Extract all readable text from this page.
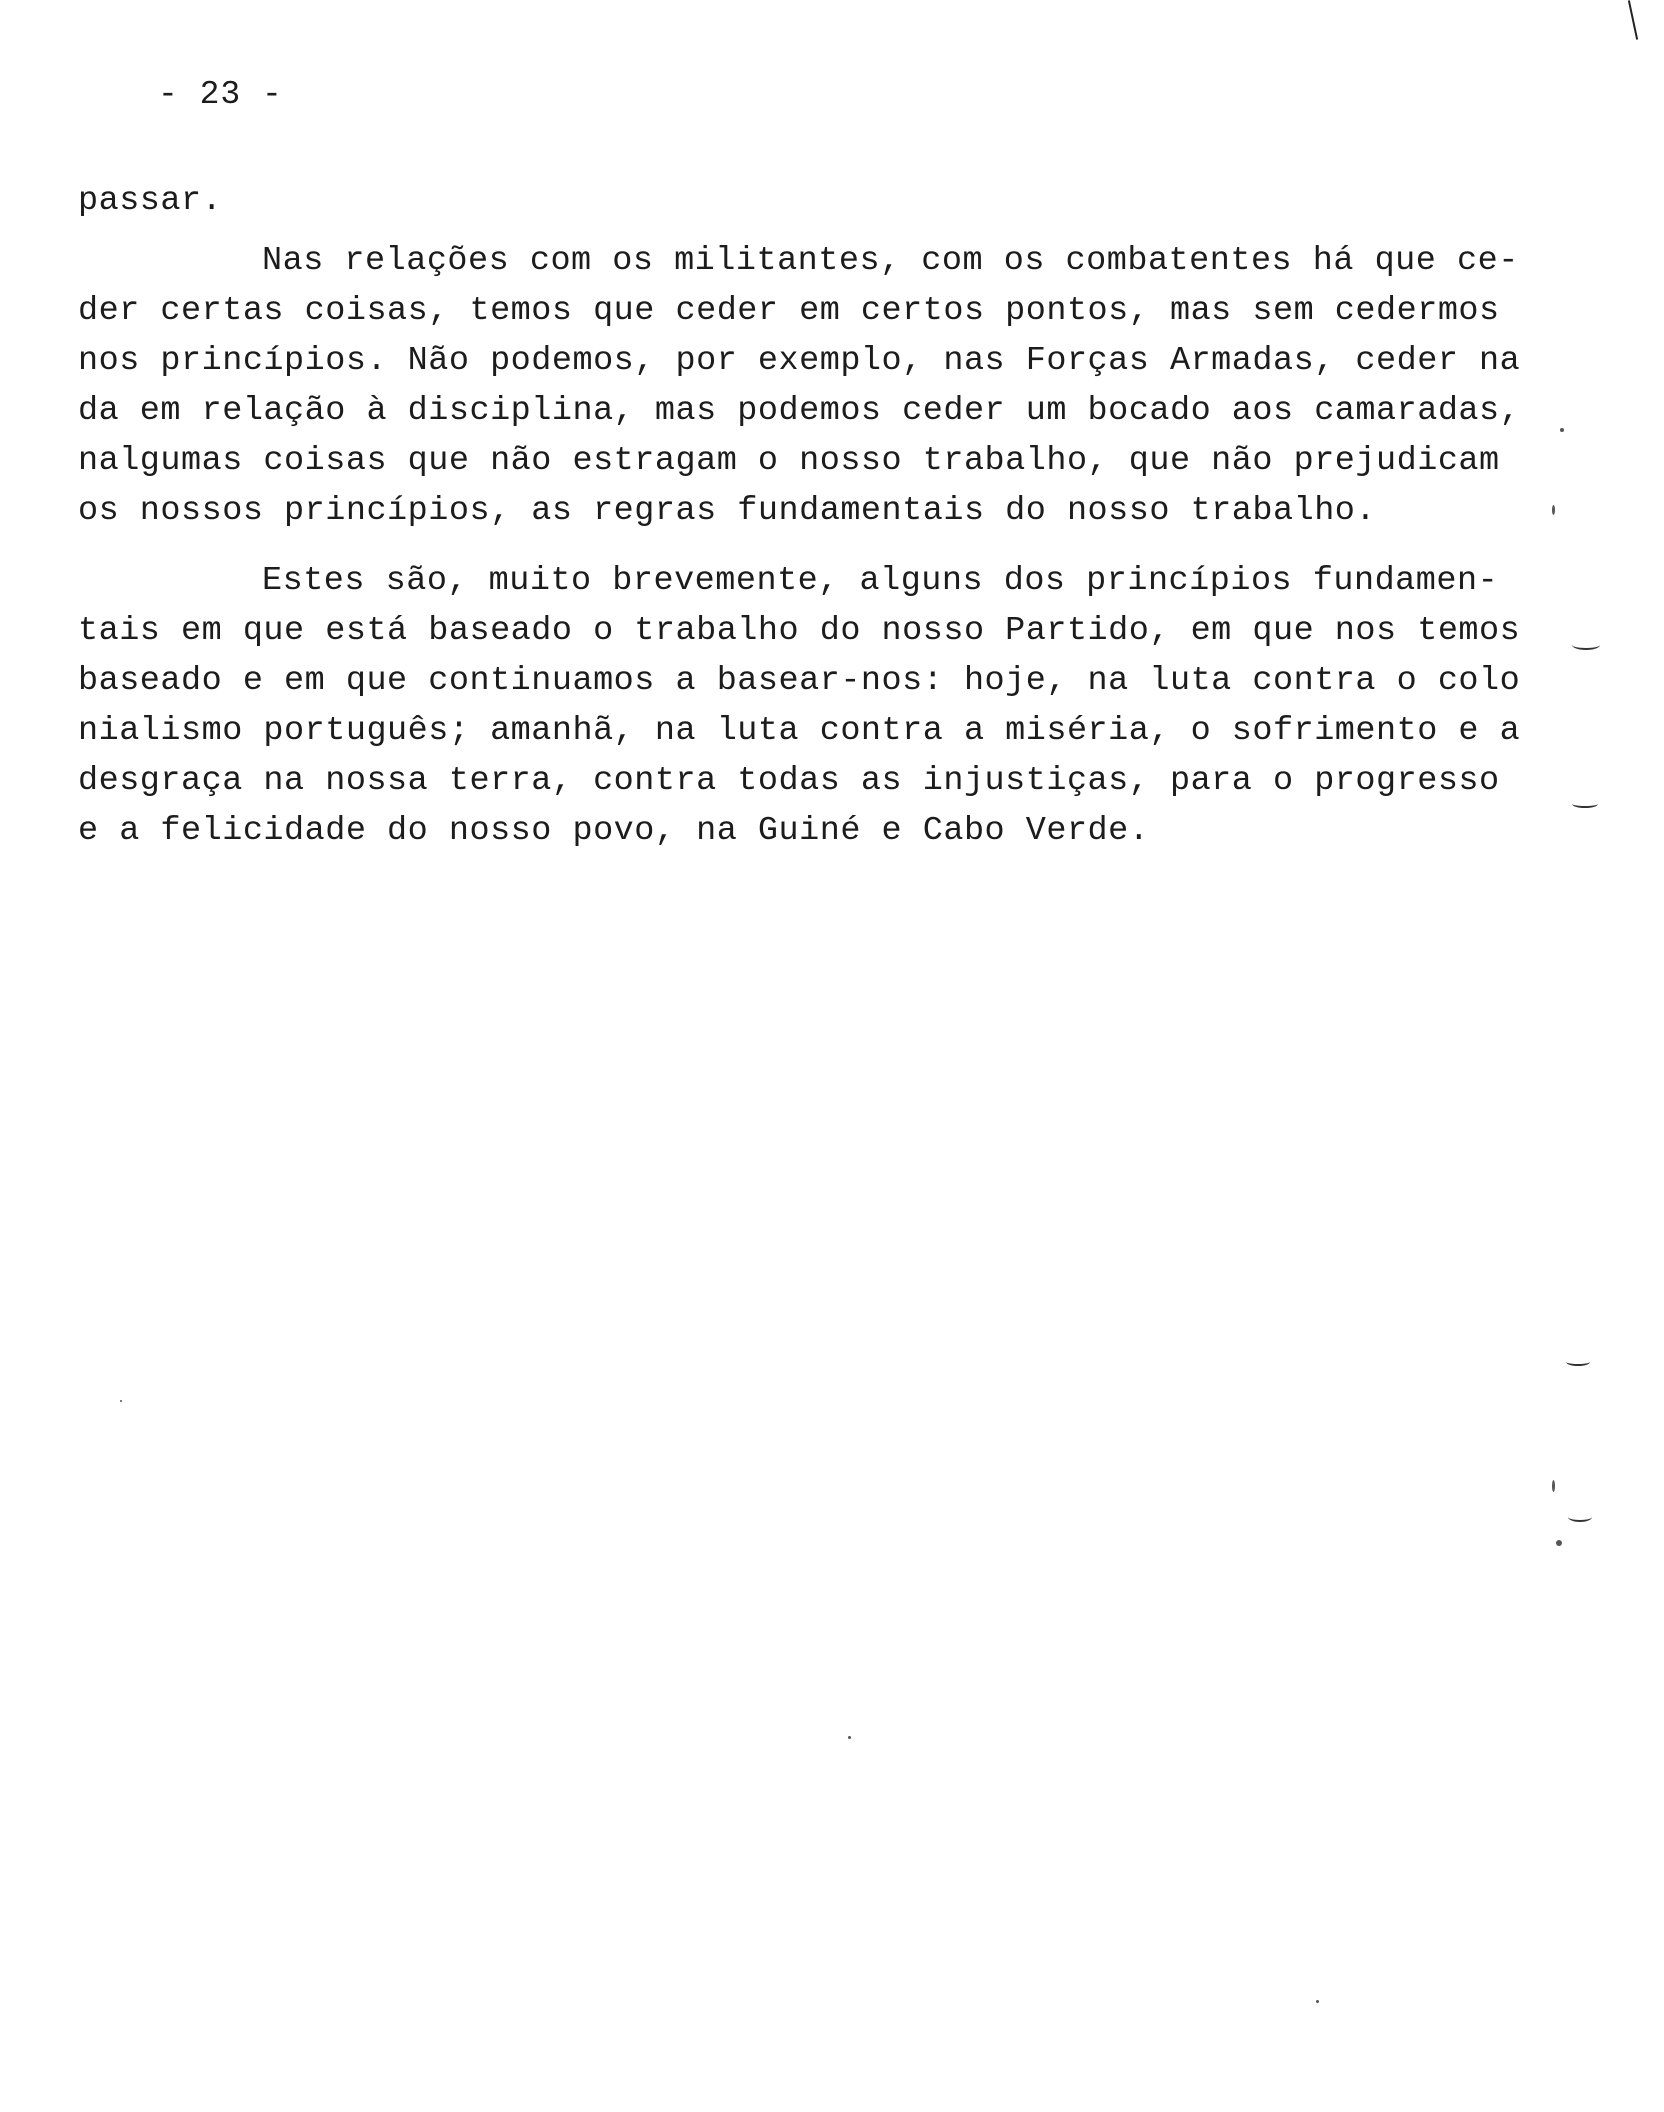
- 23 -
passar.
Nas relações com os militantes, com os combatentes há que ce-
der certas coisas, temos que ceder em certos pontos, mas sem cedermos
nos princípios. Não podemos, por exemplo, nas Forças Armadas, ceder na
da em relação à disciplina, mas podemos ceder um bocado aos camaradas,
nalgumas coisas que não estragam o nosso trabalho, que não prejudicam
os nossos princípios, as regras fundamentais do nosso trabalho.
Estes são, muito brevemente, alguns dos princípios fundamen-
tais em que está baseado o trabalho do nosso Partido, em que nos temos
baseado e em que continuamos a basear-nos: hoje, na luta contra o colo
nialismo português; amanhã, na luta contra a miséria, o sofrimento e a
desgraça na nossa terra, contra todas as injustiças, para o progresso
e a felicidade do nosso povo, na Guiné e Cabo Verde.
